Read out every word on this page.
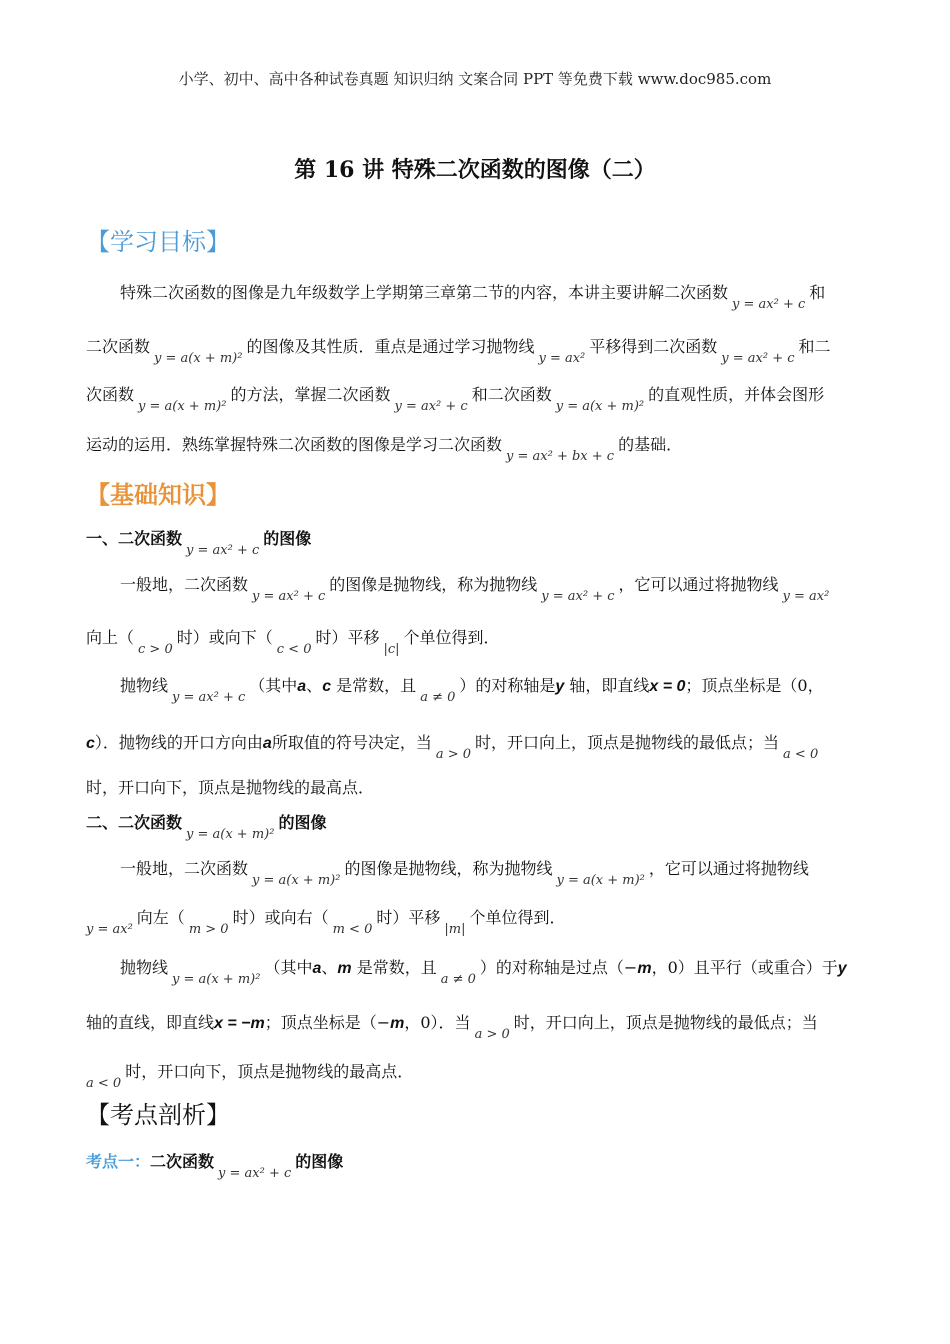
小学、初中、高中各种试卷真题 知识归纳 文案合同 PPT 等免费下载 www.doc985.com
第 16 讲 特殊二次函数的图像（二）
【学习目标】
特殊二次函数的图像是九年级数学上学期第三章第二节的内容，本讲主要讲解二次函数y = ax² + c和
二次函数y = a(x + m)²的图像及其性质．重点是通过学习抛物线y = ax²平移得到二次函数y = ax² + c和二
次函数y = a(x + m)²的方法，掌握二次函数y = ax² + c和二次函数y = a(x + m)²的直观性质，并体会图形
运动的运用．熟练掌握特殊二次函数的图像是学习二次函数y = ax² + bx + c的基础．
【基础知识】
一、二次函数y = ax² + c的图像
一般地，二次函数y = ax² + c的图像是抛物线，称为抛物线y = ax² + c，它可以通过将抛物线y = ax²
向上（c > 0时）或向下（c < 0时）平移|c|个单位得到．
抛物线y = ax² + c（其中a、c 是常数，且a ≠ 0）的对称轴是y 轴，即直线x = 0；顶点坐标是（0，
c）．抛物线的开口方向由a所取值的符号决定，当a > 0时，开口向上，顶点是抛物线的最低点；当a < 0
时，开口向下，顶点是抛物线的最高点．
二、二次函数y = a(x + m)²的图像
一般地，二次函数y = a(x + m)²的图像是抛物线，称为抛物线y = a(x + m)²，它可以通过将抛物线
y = ax²向左（m > 0时）或向右（m < 0时）平移|m|个单位得到．
抛物线y = a(x + m)²（其中a、m 是常数，且a ≠ 0）的对称轴是过点（−m，0）且平行（或重合）于y
轴的直线，即直线x = −m；顶点坐标是（−m，0）．当a > 0时，开口向上，顶点是抛物线的最低点；当
a < 0时，开口向下，顶点是抛物线的最高点．
【考点剖析】
考点一：二次函数y = ax² + c的图像
